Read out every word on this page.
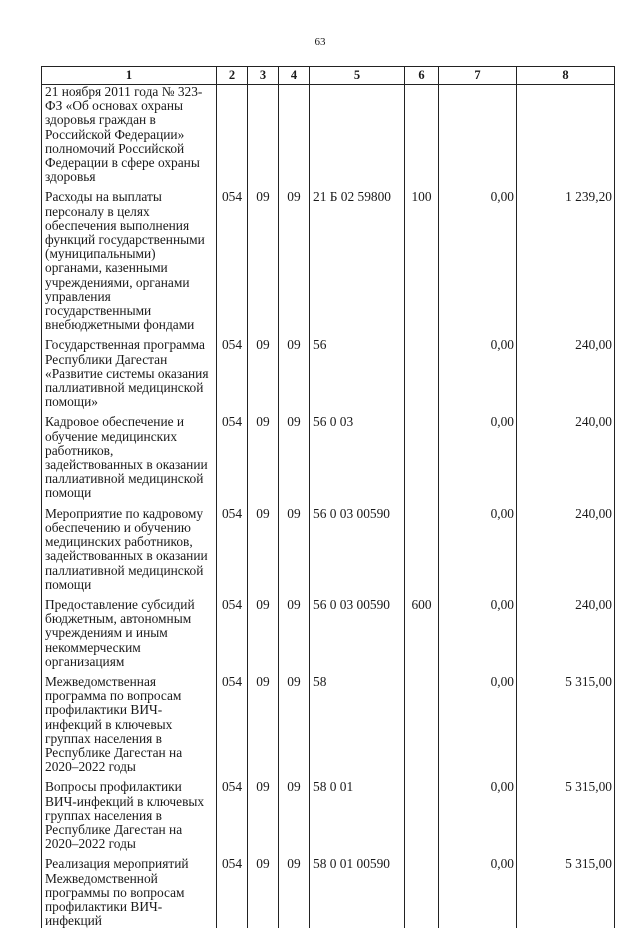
63
1	2	3	4	5	6	7	8
21 ноября 2011 года № 323-ФЗ «Об основах охраны здоровья граждан в Российской Федерации» полномочий Российской Федерации в сфере охраны здоровья							
Расходы на выплаты персоналу в целях обеспечения выполнения функций государственными (муниципальными) органами, казенными учреждениями, органами управления государственными внебюджетными фондами	054	09	09	21 Б 02 59800	100	0,00	1 239,20
Государственная программа Республики Дагестан «Развитие системы оказания паллиативной медицинской помощи»	054	09	09	56		0,00	240,00
Кадровое обеспечение и обучение медицинских работников, задействованных в оказании паллиативной медицинской помощи	054	09	09	56 0 03		0,00	240,00
Мероприятие по кадровому обеспечению и обучению медицинских работников, задействованных в оказании паллиативной медицинской помощи	054	09	09	56 0 03 00590		0,00	240,00
Предоставление субсидий бюджетным, автономным учреждениям и иным некоммерческим организациям	054	09	09	56 0 03 00590	600	0,00	240,00
Межведомственная программа по вопросам профилактики ВИЧ-инфекций в ключевых группах населения в Республике Дагестан на 2020–2022 годы	054	09	09	58		0,00	5 315,00
Вопросы профилактики ВИЧ-инфекций в ключевых группах населения в Республике Дагестан на 2020–2022 годы	054	09	09	58 0 01		0,00	5 315,00
Реализация мероприятий Межведомственной программы по вопросам профилактики ВИЧ-инфекций	054	09	09	58 0 01 00590		0,00	5 315,00
